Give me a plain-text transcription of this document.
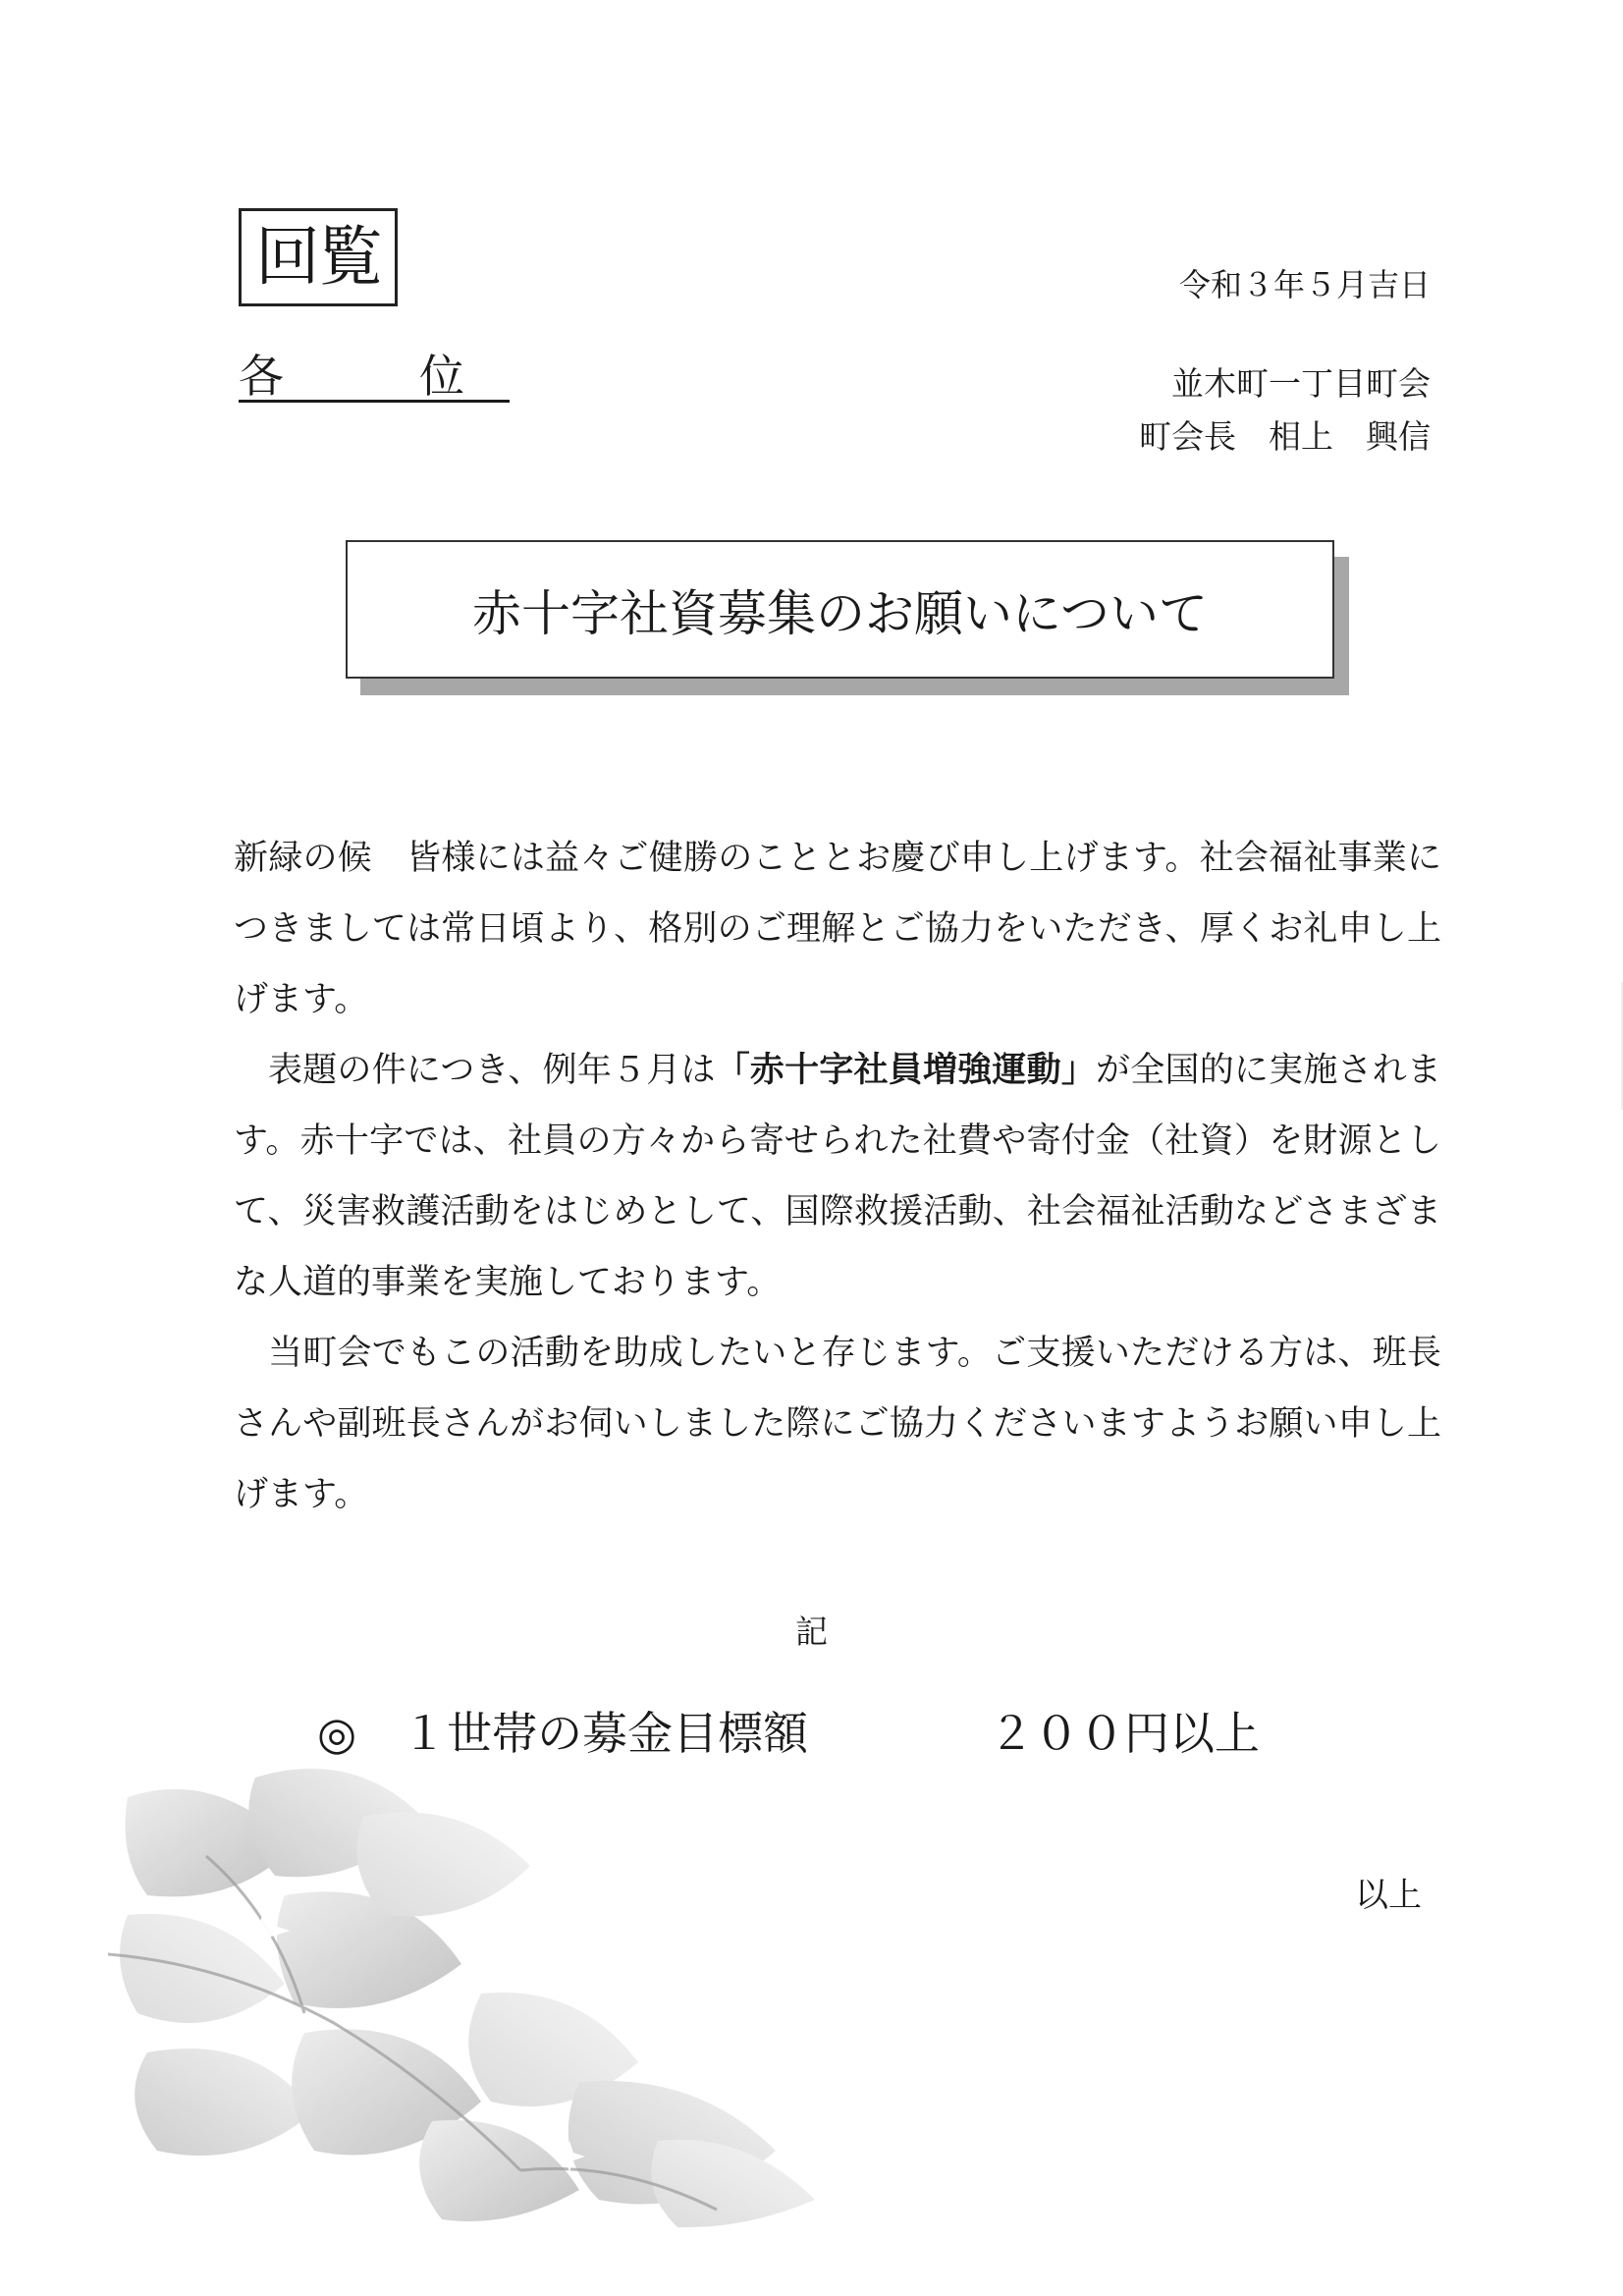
回覧	令和３年５月吉日
各　位	並木町一丁目町会
町会長　相上　興信
赤十字社資募集のお願いについて

新緑の候　皆様には益々ご健勝のこととお慶び申し上げます。社会福祉事業につきましては常日頃より、格別のご理解とご協力をいただき、厚くお礼申し上げます。

表題の件につき、例年５月は「赤十字社員増強運動」が全国的に実施されます。赤十字では、社員の方々から寄せられた社費や寄付金（社資）を財源として、災害救護活動をはじめとして、国際救援活動、社会福祉活動などさまざまな人道的事業を実施しております。

当町会でもこの活動を助成したいと存じます。ご支援いただける方は、班長さんや副班長さんがお伺いしました際にご協力くださいますようお願い申し上げます。

記
◎　１世帯の募金目標額	２００円以上
以上
